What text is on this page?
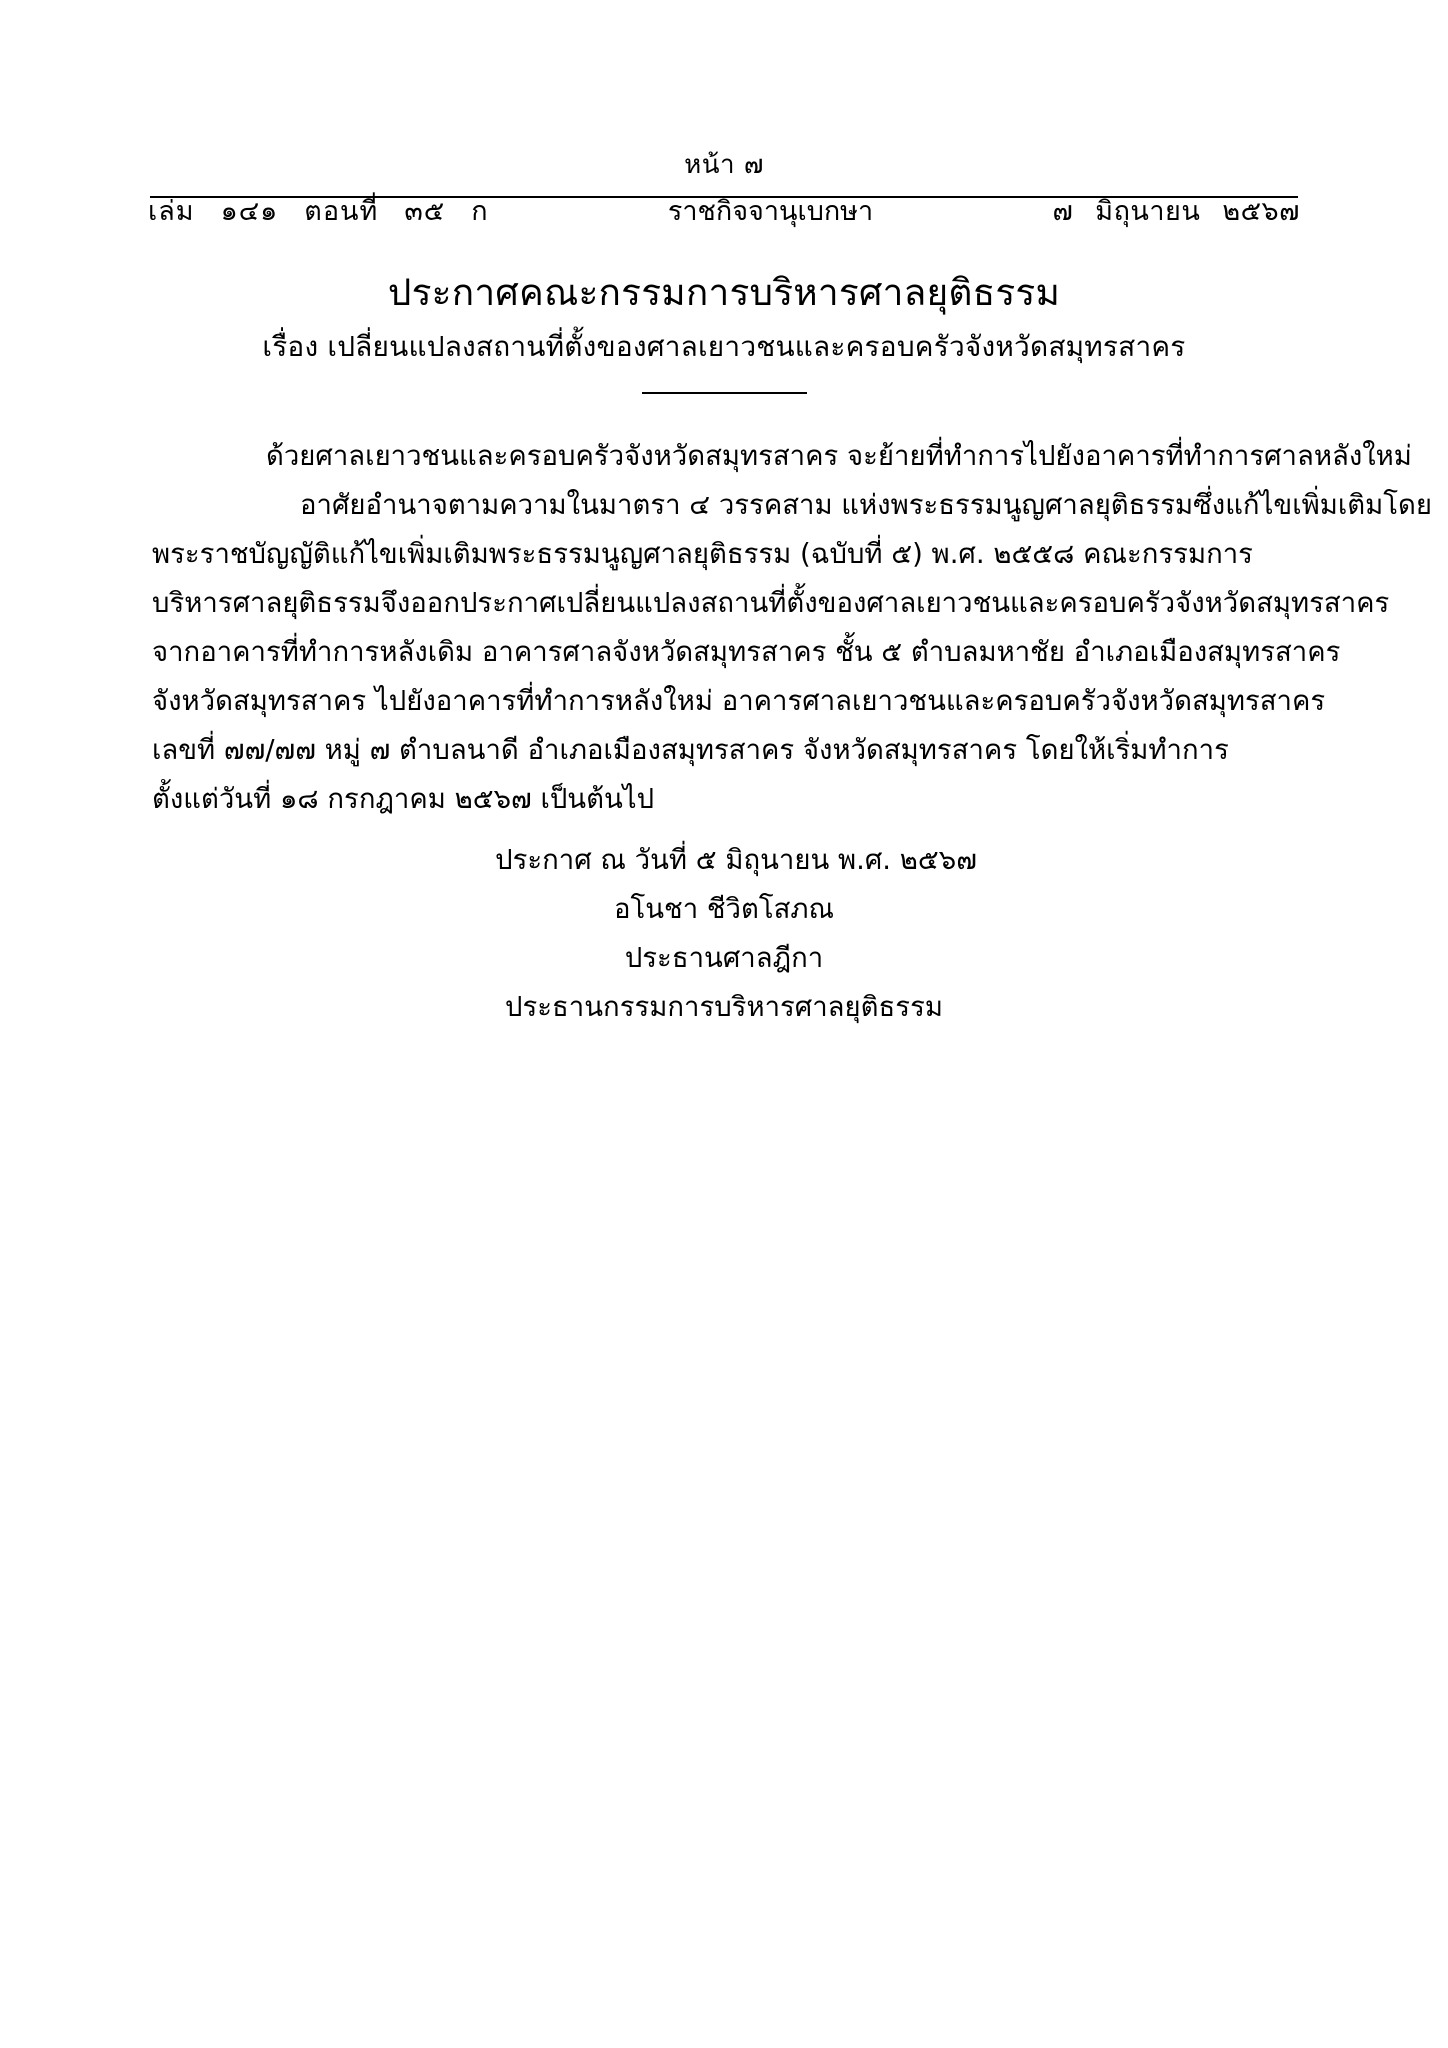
หน้า ๗
เล่ม ๑๔๑ ตอนที่ ๓๕ ก	ราชกิจจานุเบกษา	๗ มิถุนายน ๒๕๖๗
ประกาศคณะกรรมการบริหารศาลยุติธรรม
เรื่อง เปลี่ยนแปลงสถานที่ตั้งของศาลเยาวชนและครอบครัวจังหวัดสมุทรสาคร
ด้วยศาลเยาวชนและครอบครัวจังหวัดสมุทรสาคร จะย้ายที่ทำการไปยังอาคารที่ทำการศาลหลังใหม่
อาศัยอำนาจตามความในมาตรา ๔ วรรคสาม แห่งพระธรรมนูญศาลยุติธรรมซึ่งแก้ไขเพิ่มเติมโดย
พระราชบัญญัติแก้ไขเพิ่มเติมพระธรรมนูญศาลยุติธรรม (ฉบับที่ ๕) พ.ศ. ๒๕๕๘ คณะกรรมการ
บริหารศาลยุติธรรมจึงออกประกาศเปลี่ยนแปลงสถานที่ตั้งของศาลเยาวชนและครอบครัวจังหวัดสมุทรสาคร
จากอาคารที่ทำการหลังเดิม อาคารศาลจังหวัดสมุทรสาคร ชั้น ๕ ตำบลมหาชัย อำเภอเมืองสมุทรสาคร
จังหวัดสมุทรสาคร ไปยังอาคารที่ทำการหลังใหม่ อาคารศาลเยาวชนและครอบครัวจังหวัดสมุทรสาคร
เลขที่ ๗๗/๗๗ หมู่ ๗ ตำบลนาดี อำเภอเมืองสมุทรสาคร จังหวัดสมุทรสาคร โดยให้เริ่มทำการ
ตั้งแต่วันที่ ๑๘ กรกฎาคม ๒๕๖๗ เป็นต้นไป
ประกาศ ณ วันที่ ๕ มิถุนายน พ.ศ. ๒๕๖๗
อโนชา ชีวิตโสภณ
ประธานศาลฎีกา
ประธานกรรมการบริหารศาลยุติธรรม
